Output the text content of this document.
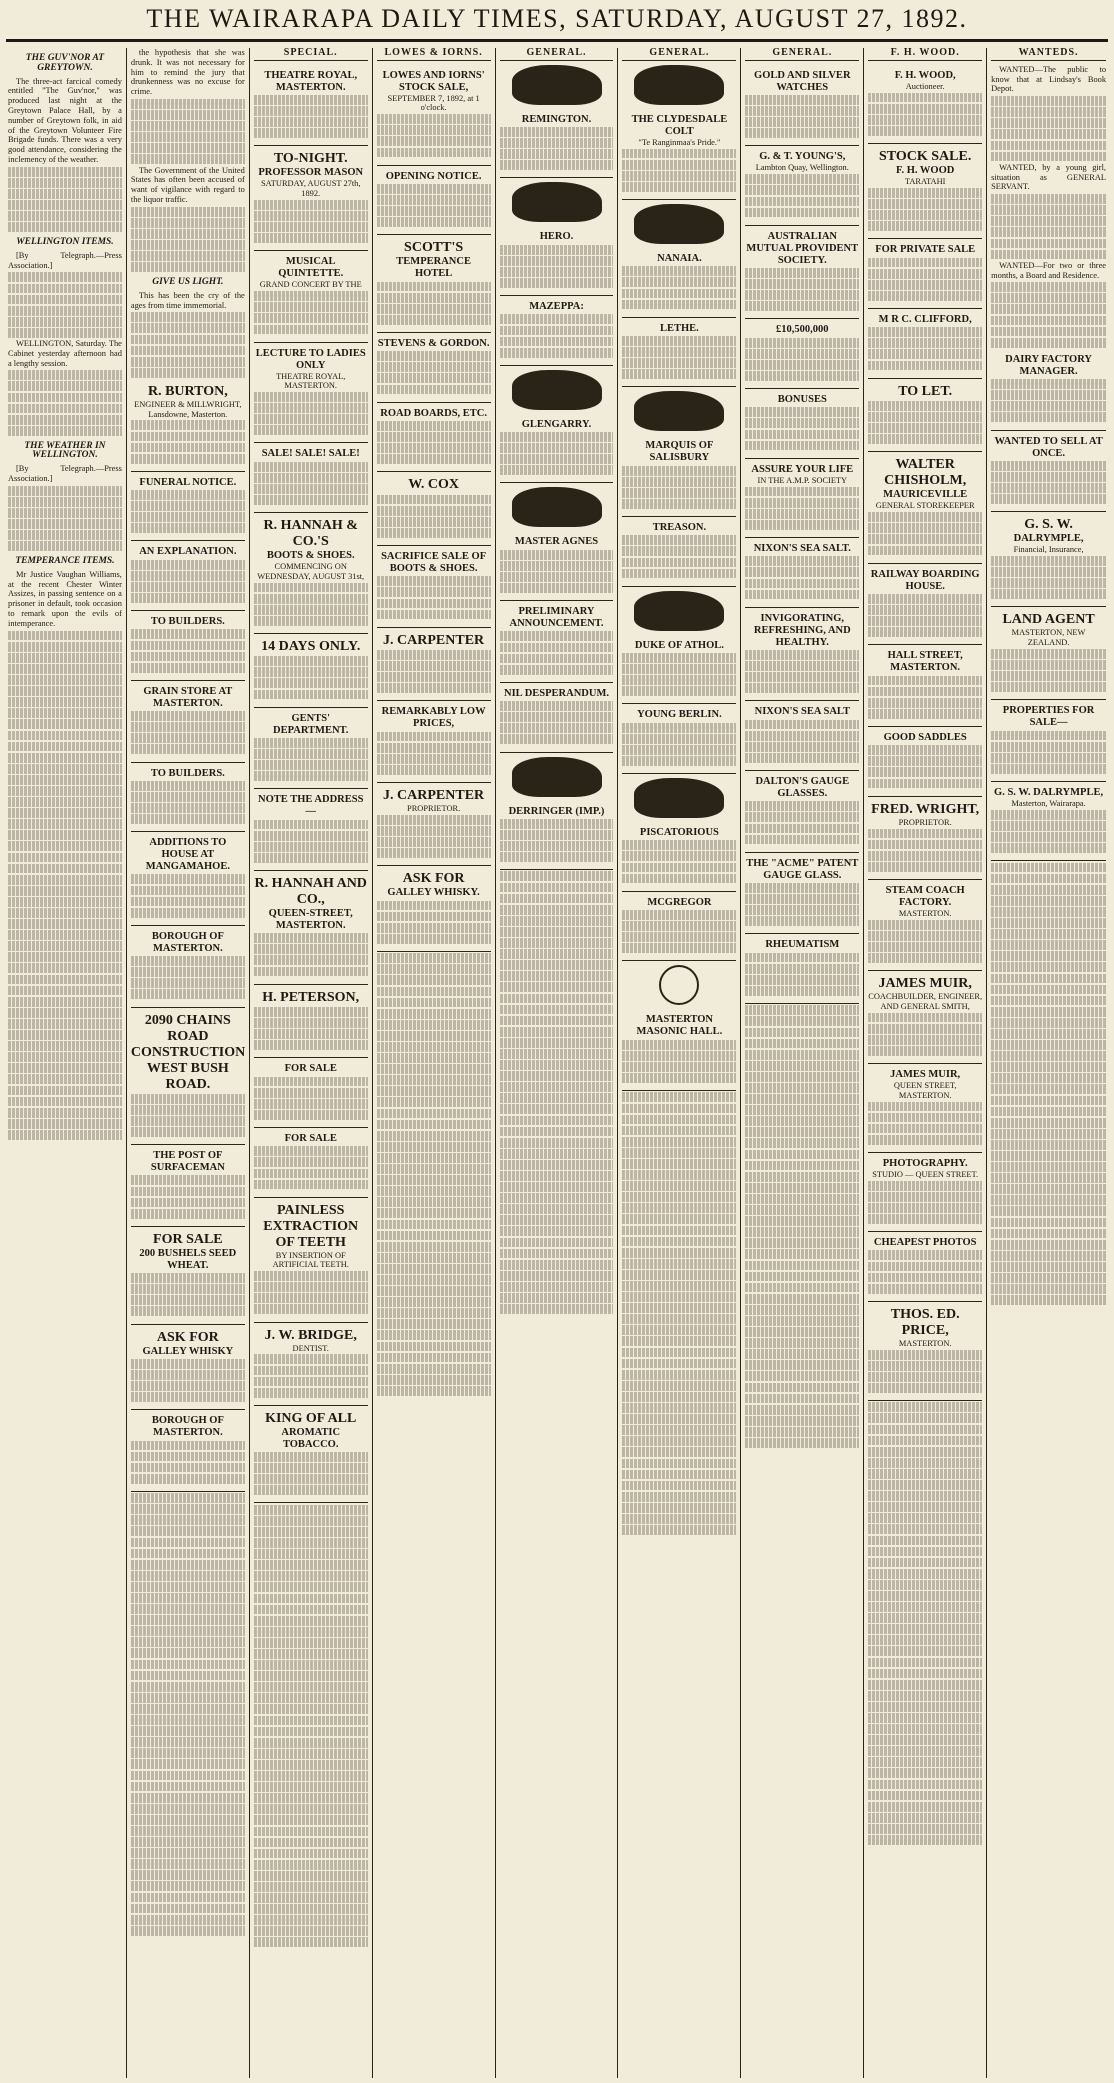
THE WAIRARAPA DAILY TIMES, SATURDAY, AUGUST 27, 1892.
THE GUV'NOR AT GREYTOWN.
The three-act farcical comedy entitled "The Guv'nor," was produced last night at the Greytown Palace Hall, by a number of Greytown folk, in aid of the Greytown Volunteer Fire Brigade funds. There was a very good attendance, considering the inclemency of the weather.
WELLINGTON ITEMS.
[By Telegraph.—Press Association.]
WELLINGTON, Saturday. The Cabinet yesterday afternoon had a lengthy session.
THE WEATHER IN WELLINGTON.
[By Telegraph.—Press Association.]
TEMPERANCE ITEMS.
Mr Justice Vaughan Williams, at the recent Chester Winter Assizes, in passing sentence on a prisoner in default, took occasion to remark upon the evils of intemperance.
the hypothesis that she was drunk. It was not necessary for him to remind the jury that drunkenness was no excuse for crime.
The Government of the United States has often been accused of want of vigilance with regard to the liquor traffic.
GIVE US LIGHT.
This has been the cry of the ages from time immemorial.
R. BURTON,
ENGINEER & MILLWRIGHT, Lansdowne, Masterton.
FUNERAL NOTICE.
AN EXPLANATION.
TO BUILDERS.
GRAIN STORE AT MASTERTON.
TO BUILDERS.
ADDITIONS TO HOUSE AT MANGAMAHOE.
BOROUGH OF MASTERTON.
2090 CHAINS ROAD CONSTRUCTION WEST BUSH ROAD.
THE POST OF SURFACEMAN
FOR SALE
200 BUSHELS SEED WHEAT.
ASK FOR
GALLEY WHISKY
BOROUGH OF MASTERTON.
SPECIAL.
THEATRE ROYAL, MASTERTON.
TO-NIGHT.
PROFESSOR MASON
SATURDAY, AUGUST 27th, 1892.
MUSICAL QUINTETTE.
GRAND CONCERT BY THE
LECTURE TO LADIES ONLY
THEATRE ROYAL, MASTERTON.
SALE! SALE! SALE!
R. HANNAH & CO.'S
BOOTS & SHOES.
COMMENCING ON WEDNESDAY, AUGUST 31st,
14 DAYS ONLY.
GENTS' DEPARTMENT.
NOTE THE ADDRESS—
R. HANNAH AND CO.,
QUEEN-STREET, MASTERTON.
H. PETERSON,
FOR SALE
FOR SALE
PAINLESS EXTRACTION OF TEETH
BY INSERTION OF ARTIFICIAL TEETH.
J. W. BRIDGE,
DENTIST.
KING OF ALL
AROMATIC TOBACCO.
LOWES & IORNS.
LOWES AND IORNS' STOCK SALE,
SEPTEMBER 7, 1892, at 1 o'clock.
OPENING NOTICE.
SCOTT'S
TEMPERANCE HOTEL
STEVENS & GORDON.
ROAD BOARDS, ETC.
W. COX
SACRIFICE SALE OF BOOTS & SHOES.
J. CARPENTER
REMARKABLY LOW PRICES,
J. CARPENTER
PROPRIETOR.
ASK FOR
GALLEY WHISKY.
GENERAL.
REMINGTON.
HERO.
MAZEPPA:
GLENGARRY.
MASTER AGNES
PRELIMINARY ANNOUNCEMENT.
NIL DESPERANDUM.
DERRINGER (IMP.)
GENERAL.
THE CLYDESDALE COLT
"Te Ranginmaa's Pride."
NANAIA.
LETHE.
MARQUIS OF SALISBURY
TREASON.
DUKE OF ATHOL.
YOUNG BERLIN.
PISCATORIOUS
MCGREGOR
MASTERTON MASONIC HALL.
GENERAL.
GOLD AND SILVER WATCHES
G. & T. YOUNG'S,
Lambton Quay, Wellington.
AUSTRALIAN MUTUAL PROVIDENT SOCIETY.
£10,500,000
BONUSES
ASSURE YOUR LIFE
IN THE A.M.P. SOCIETY
NIXON'S SEA SALT.
INVIGORATING, REFRESHING, AND HEALTHY.
NIXON'S SEA SALT
DALTON'S GAUGE GLASSES.
THE "ACME" PATENT GAUGE GLASS.
RHEUMATISM
F. H. WOOD.
F. H. WOOD,
Auctioneer.
STOCK SALE.
F. H. WOOD
TARATAHI
FOR PRIVATE SALE
M R C. CLIFFORD,
TO LET.
WALTER CHISHOLM,
MAURICEVILLE
GENERAL STOREKEEPER
RAILWAY BOARDING HOUSE.
HALL STREET, MASTERTON.
GOOD SADDLES
FRED. WRIGHT,
PROPRIETOR.
STEAM COACH FACTORY.
MASTERTON.
JAMES MUIR,
COACHBUILDER, ENGINEER, AND GENERAL SMITH,
JAMES MUIR,
QUEEN STREET, MASTERTON.
PHOTOGRAPHY.
STUDIO — QUEEN STREET.
CHEAPEST PHOTOS
THOS. ED. PRICE,
MASTERTON.
WANTEDS.
WANTED—The public to know that at Lindsay's Book Depot.
WANTED, by a young girl, situation as GENERAL SERVANT.
WANTED—For two or three months, a Board and Residence.
DAIRY FACTORY MANAGER.
WANTED TO SELL AT ONCE.
G. S. W.
DALRYMPLE,
Financial, Insurance,
LAND AGENT
MASTERTON, NEW ZEALAND.
PROPERTIES FOR SALE—
G. S. W. DALRYMPLE,
Masterton, Wairarapa.
